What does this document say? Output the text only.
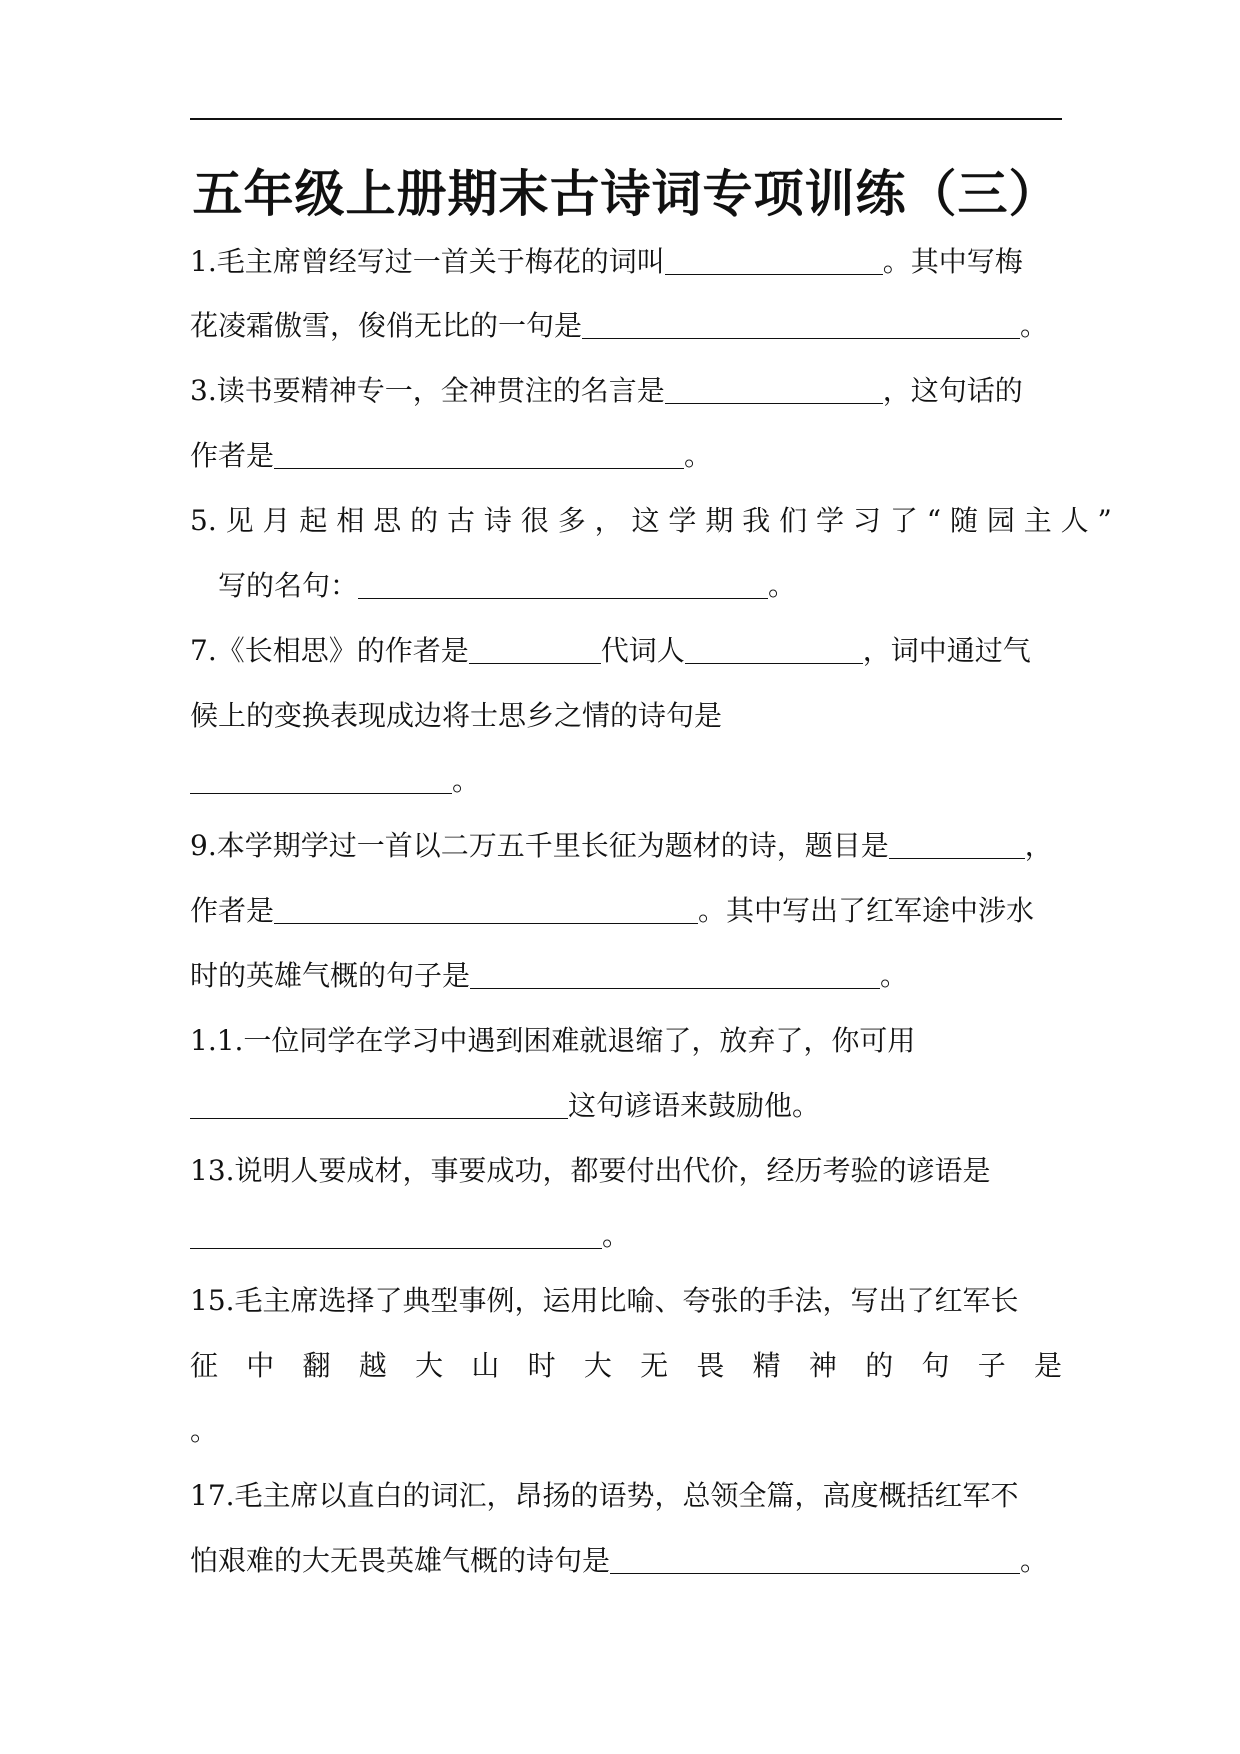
五年级上册期末古诗词专项训练（三）
1.毛主席曾经写过一首关于梅花的词叫	。其中写梅
花凌霜傲雪，俊俏无比的一句是	。
3.读书要精神专一，全神贯注的名言是	，这句话的
作者是	。
5. 见 月 起 相 思 的 古 诗 很 多 ， 这 学 期 我 们 学 习 了 “ 随 园 主 人 ”
写的名句：	。
7.《长相思》的作者是	代词人	，词中通过气
候上的变换表现成边将士思乡之情的诗句是
。
9.本学期学过一首以二万五千里长征为题材的诗，题目是	，
作者是	。其中写出了红军途中涉水
时的英雄气概的句子是	。
1.1.一位同学在学习中遇到困难就退缩了，放弃了，你可用
这句谚语来鼓励他。
13.说明人要成材，事要成功，都要付出代价，经历考验的谚语是
。
15.毛主席选择了典型事例，运用比喻、夸张的手法，写出了红军长
征 中 翻 越 大 山 时 大 无 畏 精 神 的 句 子 是
。
17.毛主席以直白的词汇，昂扬的语势，总领全篇，高度概括红军不
怕艰难的大无畏英雄气概的诗句是	。
